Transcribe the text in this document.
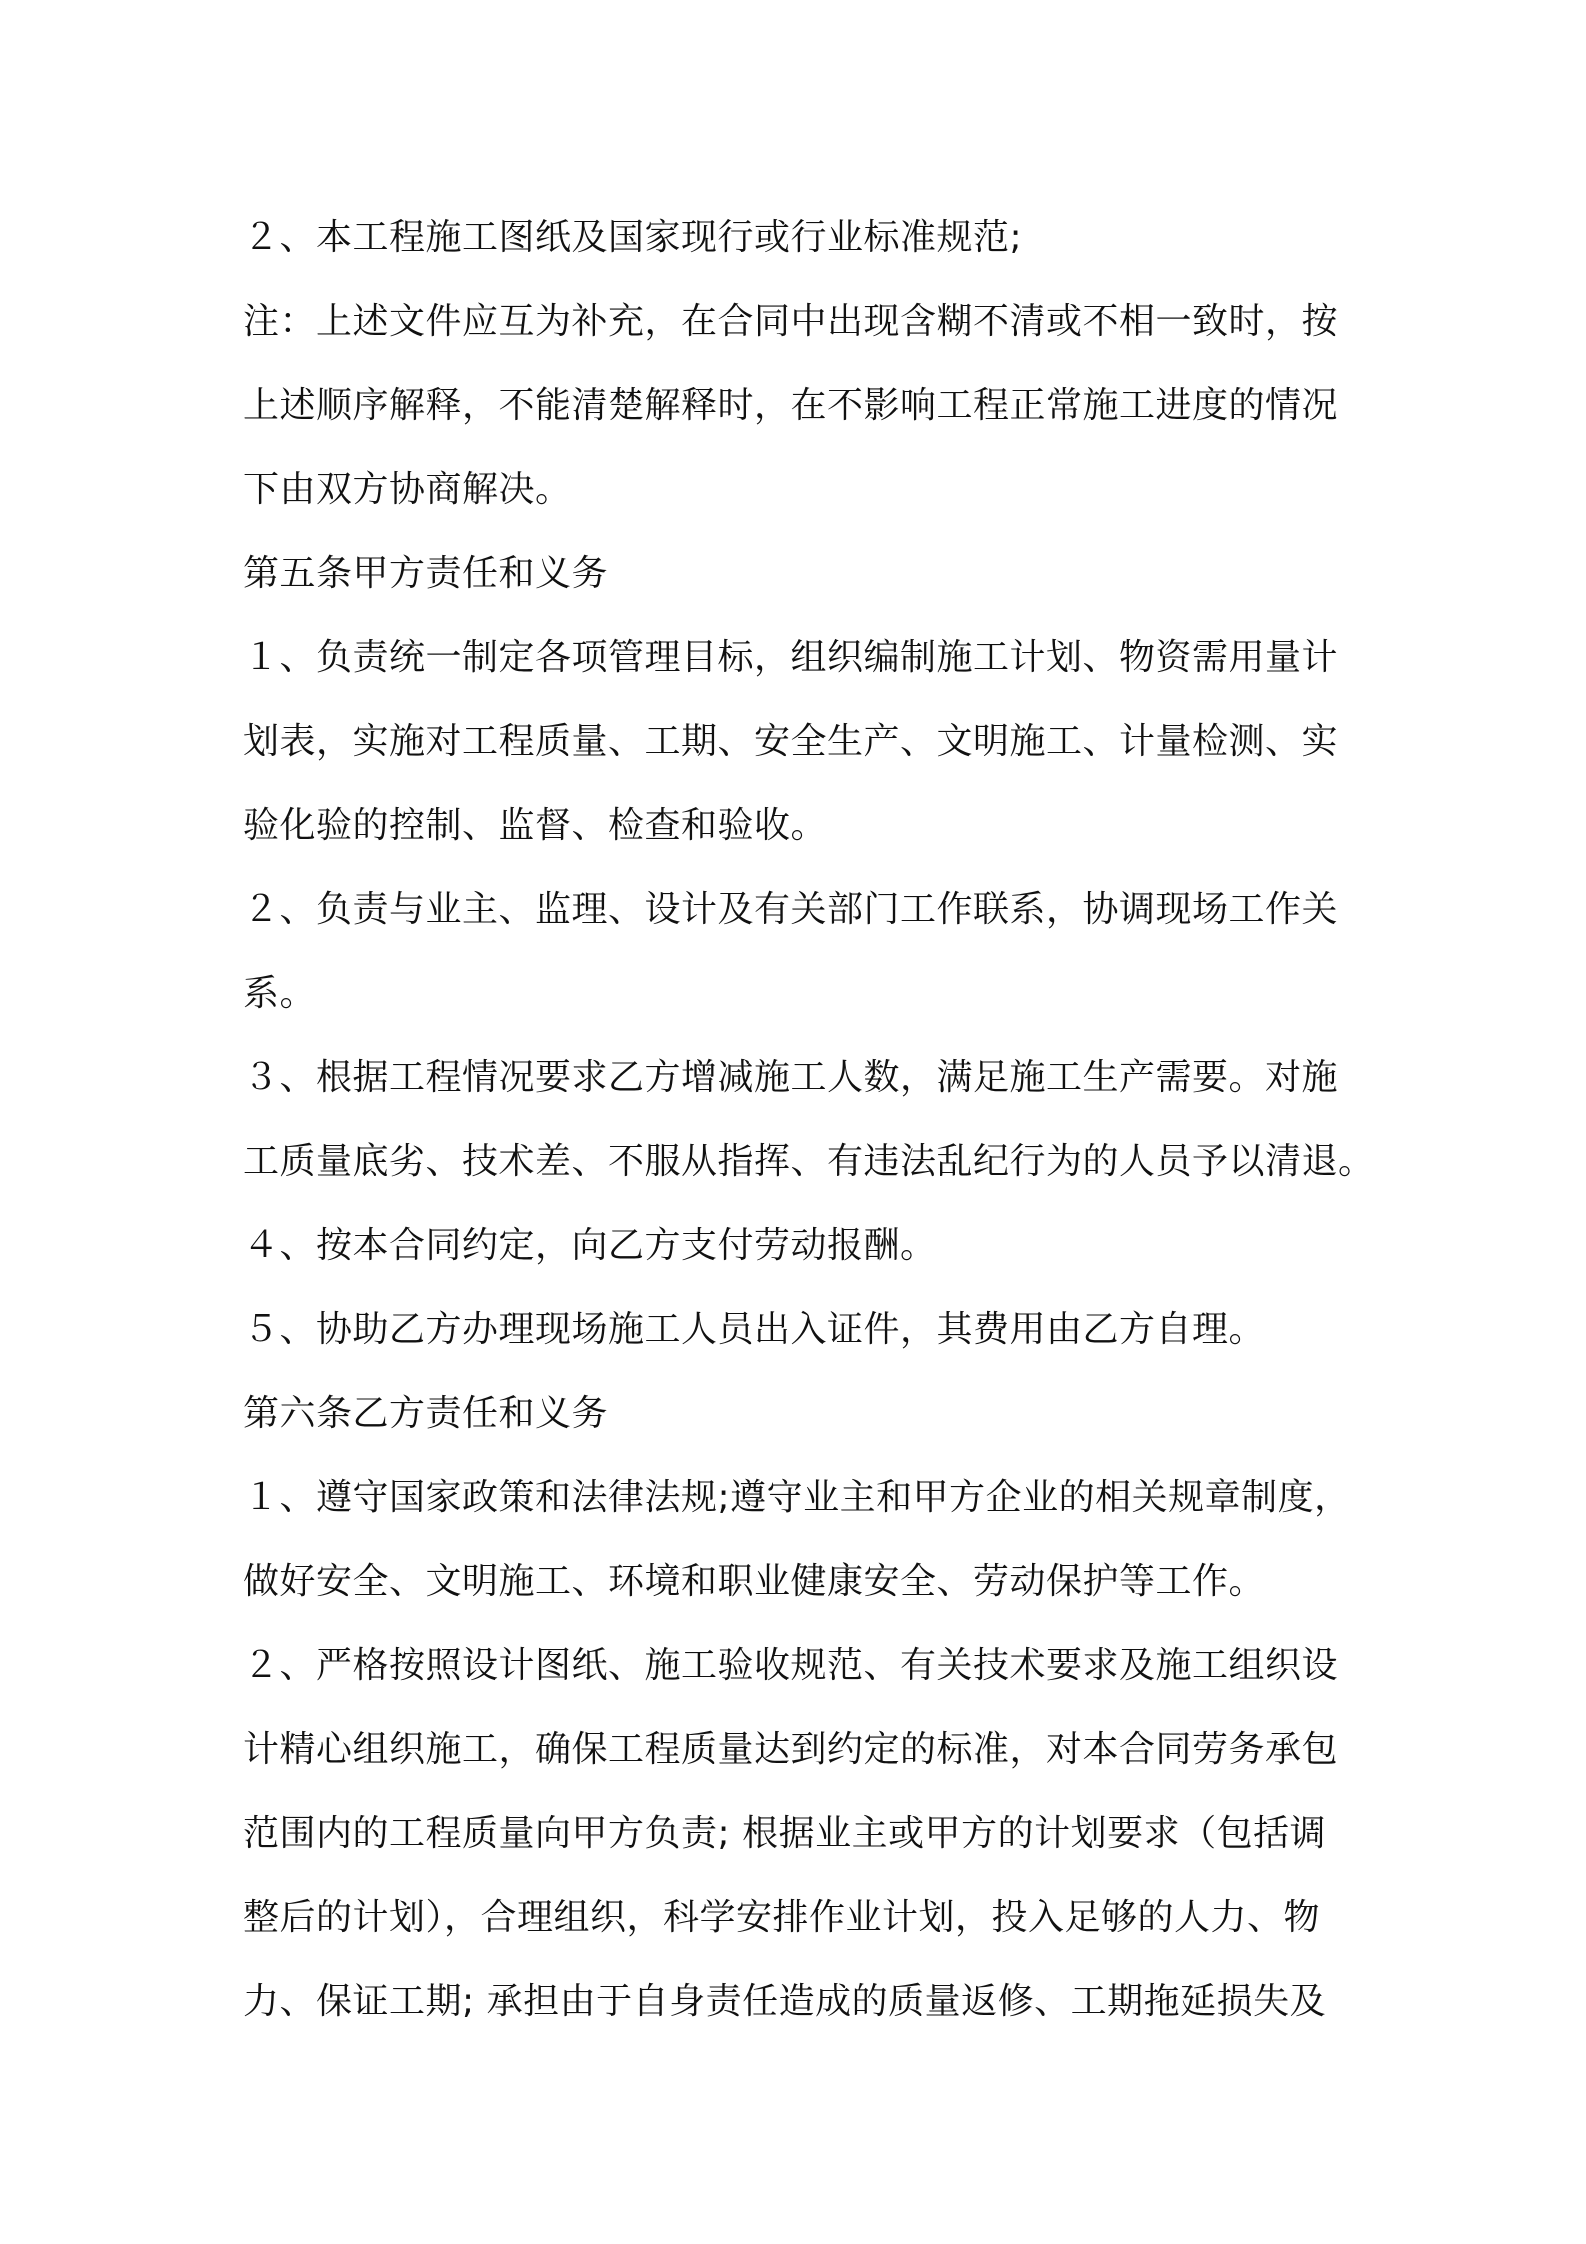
２、本工程施工图纸及国家现行或行业标准规范;

注：上述文件应互为补充，在合同中出现含糊不清或不相一致时，按
上述顺序解释，不能清楚解释时，在不影响工程正常施工进度的情况
下由双方协商解决。

第五条甲方责任和义务

１、负责统一制定各项管理目标，组织编制施工计划、物资需用量计
划表，实施对工程质量、工期、安全生产、文明施工、计量检测、实
验化验的控制、监督、检查和验收。

２、负责与业主、监理、设计及有关部门工作联系，协调现场工作关
系。

３、根据工程情况要求乙方增减施工人数，满足施工生产需要。对施
工质量底劣、技术差、不服从指挥、有违法乱纪行为的人员予以清退。

４、按本合同约定，向乙方支付劳动报酬。

５、协助乙方办理现场施工人员出入证件，其费用由乙方自理。

第六条乙方责任和义务

１、遵守国家政策和法律法规;遵守业主和甲方企业的相关规章制度，
做好安全、文明施工、环境和职业健康安全、劳动保护等工作。

２、严格按照设计图纸、施工验收规范、有关技术要求及施工组织设
计精心组织施工，确保工程质量达到约定的标准，对本合同劳务承包
范围内的工程质量向甲方负责; 根据业主或甲方的计划要求（包括调
整后的计划），合理组织，科学安排作业计划，投入足够的人力、物
力、保证工期; 承担由于自身责任造成的质量返修、工期拖延损失及
